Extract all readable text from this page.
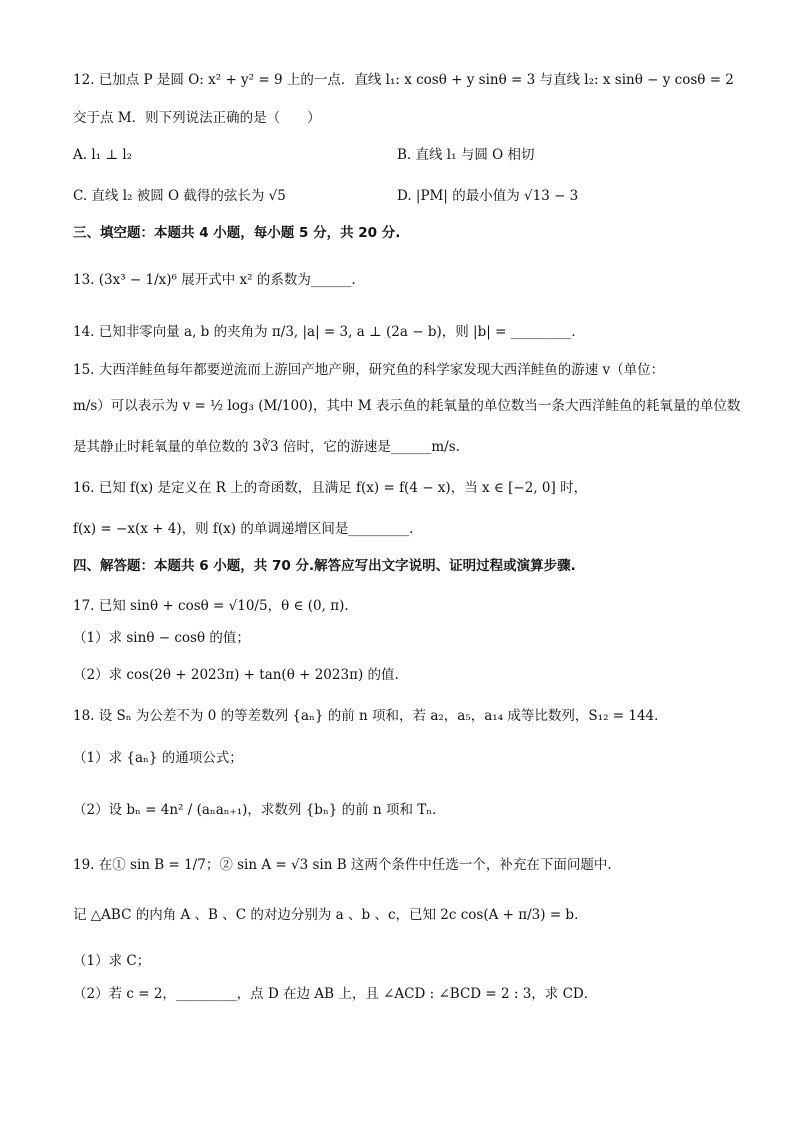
12. 已加点 P 是圆 O: x² + y² = 9 上的一点．直线 l₁: x cosθ + y sinθ = 3 与直线 l₂: x sinθ − y cosθ = 2
交于点 M．则下列说法正确的是（　　）
A. l₁ ⊥ l₂	B. 直线 l₁ 与圆 O 相切
C. 直线 l₂ 被圆 O 截得的弦长为 √5	D. |PM| 的最小值为 √13 − 3
三、填空题：本题共 4 小题，每小题 5 分，共 20 分.
13. (3x³ − 1/x)⁶ 展开式中 x² 的系数为______.
14. 已知非零向量 a, b 的夹角为 π/3, |a| = 3, a ⊥ (2a − b)，则 |b| = _________．
15. 大西洋鲑鱼每年都要逆流而上游回产地产卵，研究鱼的科学家发现大西洋鲑鱼的游速 v（单位：
m/s）可以表示为 v = ½ log₃ (M/100)，其中 M 表示鱼的耗氧量的单位数当一条大西洋鲑鱼的耗氧量的单位数
是其静止时耗氧量的单位数的 3∛3 倍时，它的游速是______m/s.
16. 已知 f(x) 是定义在 R 上的奇函数，且满足 f(x) = f(4 − x)，当 x ∈ [−2, 0] 时，
f(x) = −x(x + 4)，则 f(x) 的单调递增区间是_________.
四、解答题：本题共 6 小题，共 70 分.解答应写出文字说明、证明过程或演算步骤.
17. 已知 sinθ + cosθ = √10/5，θ ∈ (0, π).
（1）求 sinθ − cosθ 的值；
（2）求 cos(2θ + 2023π) + tan(θ + 2023π) 的值.
18. 设 Sₙ 为公差不为 0 的等差数列 {aₙ} 的前 n 项和，若 a₂，a₅，a₁₄ 成等比数列，S₁₂ = 144．
（1）求 {aₙ} 的通项公式；
（2）设 bₙ = 4n² / (aₙaₙ₊₁)，求数列 {bₙ} 的前 n 项和 Tₙ．
19. 在① sin B = 1/7；② sin A = √3 sin B 这两个条件中任选一个，补充在下面问题中.
记 △ABC 的内角 A 、B 、C 的对边分别为 a 、b 、c，已知 2c cos(A + π/3) = b．
（1）求 C；
（2）若 c = 2，_________，点 D 在边 AB 上，且 ∠ACD : ∠BCD = 2 : 3，求 CD．
